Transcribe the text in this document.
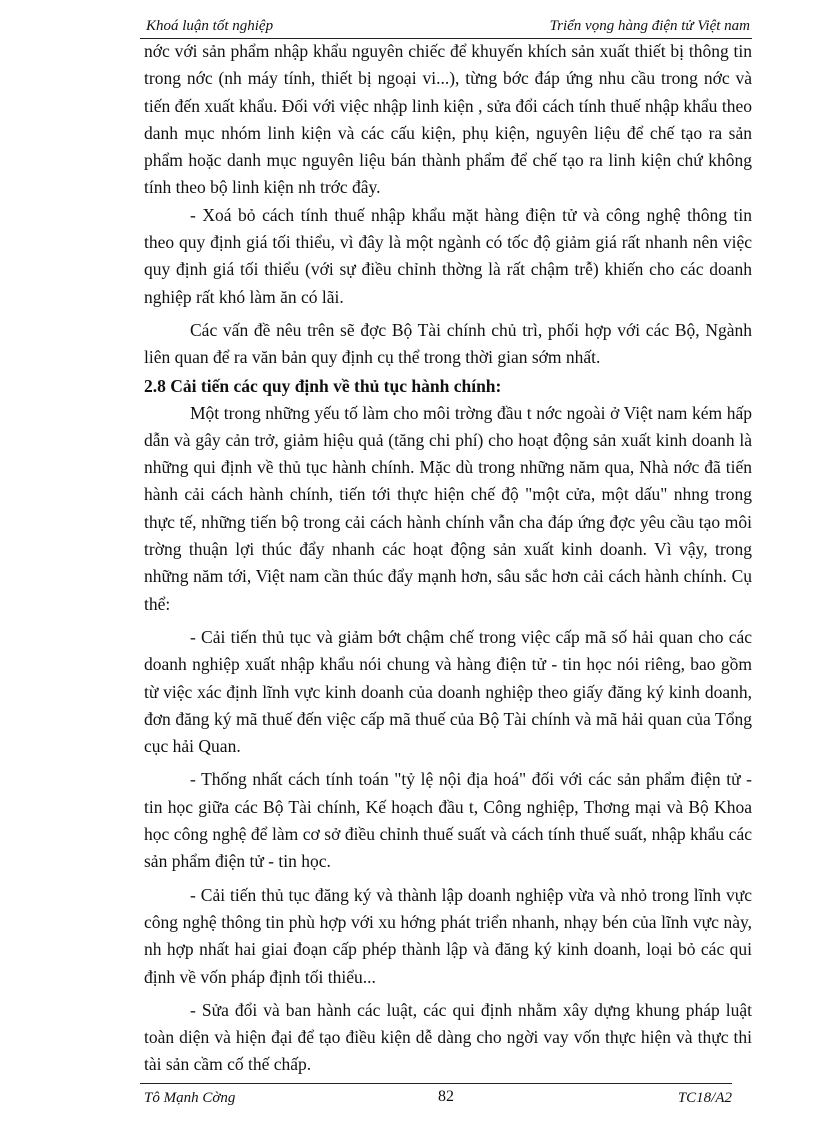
Khoá luận tốt nghiệp	Triển vọng hàng điện tử Việt nam

nớc với sản phẩm nhập khẩu nguyên chiếc để khuyến khích sản xuất thiết bị thông tin trong nớc (nh máy tính, thiết bị ngoại vi...), từng bớc đáp ứng nhu cầu trong nớc và tiến đến xuất khẩu. Đối với việc nhập linh kiện , sửa đổi cách tính thuế nhập khẩu theo danh mục nhóm linh kiện và các cấu kiện, phụ kiện, nguyên liệu để chế tạo ra sản phẩm hoặc danh mục nguyên liệu bán thành phẩm để chế tạo ra linh kiện chứ không tính theo bộ linh kiện nh trớc đây.

- Xoá bỏ cách tính thuế nhập khẩu mặt hàng điện tử và công nghệ thông tin theo quy định giá tối thiểu, vì đây là một ngành có tốc độ giảm giá rất nhanh nên việc quy định giá tối thiểu (với sự điều chỉnh thờng là rất chậm trễ) khiến cho các doanh nghiệp rất khó làm ăn có lãi.

Các vấn đề nêu trên sẽ đợc Bộ Tài chính chủ trì, phối hợp với các Bộ, Ngành liên quan để ra văn bản quy định cụ thể trong thời gian sớm nhất.

2.8 Cải tiến các quy định về thủ tục hành chính:

Một trong những yếu tố làm cho môi trờng đầu t nớc ngoài ở Việt nam kém hấp dẫn và gây cản trở, giảm hiệu quả (tăng chi phí) cho hoạt động sản xuất kinh doanh là những qui định về thủ tục hành chính. Mặc dù trong những năm qua, Nhà nớc đã tiến hành cải cách hành chính, tiến tới thực hiện chế độ "một cửa, một dấu" nhng trong thực tế, những tiến bộ trong cải cách hành chính vẫn cha đáp ứng đợc yêu cầu tạo môi trờng thuận lợi thúc đẩy nhanh các hoạt động sản xuất kinh doanh. Vì vậy, trong những năm tới, Việt nam cần thúc đẩy mạnh hơn, sâu sắc hơn cải cách hành chính. Cụ thể:

- Cải tiến thủ tục và giảm bớt chậm chế trong việc cấp mã số hải quan cho các doanh nghiệp xuất nhập khẩu nói chung và hàng điện tử - tin học nói riêng, bao gồm từ việc xác định lĩnh vực kinh doanh của doanh nghiệp theo giấy đăng ký kinh doanh, đơn đăng ký mã thuế đến việc cấp mã thuế của Bộ Tài chính và mã hải quan của Tổng cục hải Quan.

- Thống nhất cách tính toán "tỷ lệ nội địa hoá" đối với các sản phẩm điện tử - tin học giữa các Bộ Tài chính, Kế hoạch đầu t, Công nghiệp, Thơng mại và Bộ Khoa học công nghệ để làm cơ sở điều chỉnh thuế suất và cách tính thuế suất, nhập khẩu các sản phẩm điện tử - tin học.

- Cải tiến thủ tục đăng ký và thành lập doanh nghiệp vừa và nhỏ trong lĩnh vực công nghệ thông tin phù hợp với xu hớng phát triển nhanh, nhạy bén của lĩnh vực này, nh hợp nhất hai giai đoạn cấp phép thành lập và đăng ký kinh doanh, loại bỏ các qui định về vốn pháp định tối thiểu...

- Sửa đổi và ban hành các luật, các qui định nhằm xây dựng khung pháp luật toàn diện và hiện đại để tạo điều kiện dễ dàng cho ngời vay vốn thực hiện và thực thi tài sản cầm cố thế chấp.

Tô Mạnh Cờng	82	TC18/A2
